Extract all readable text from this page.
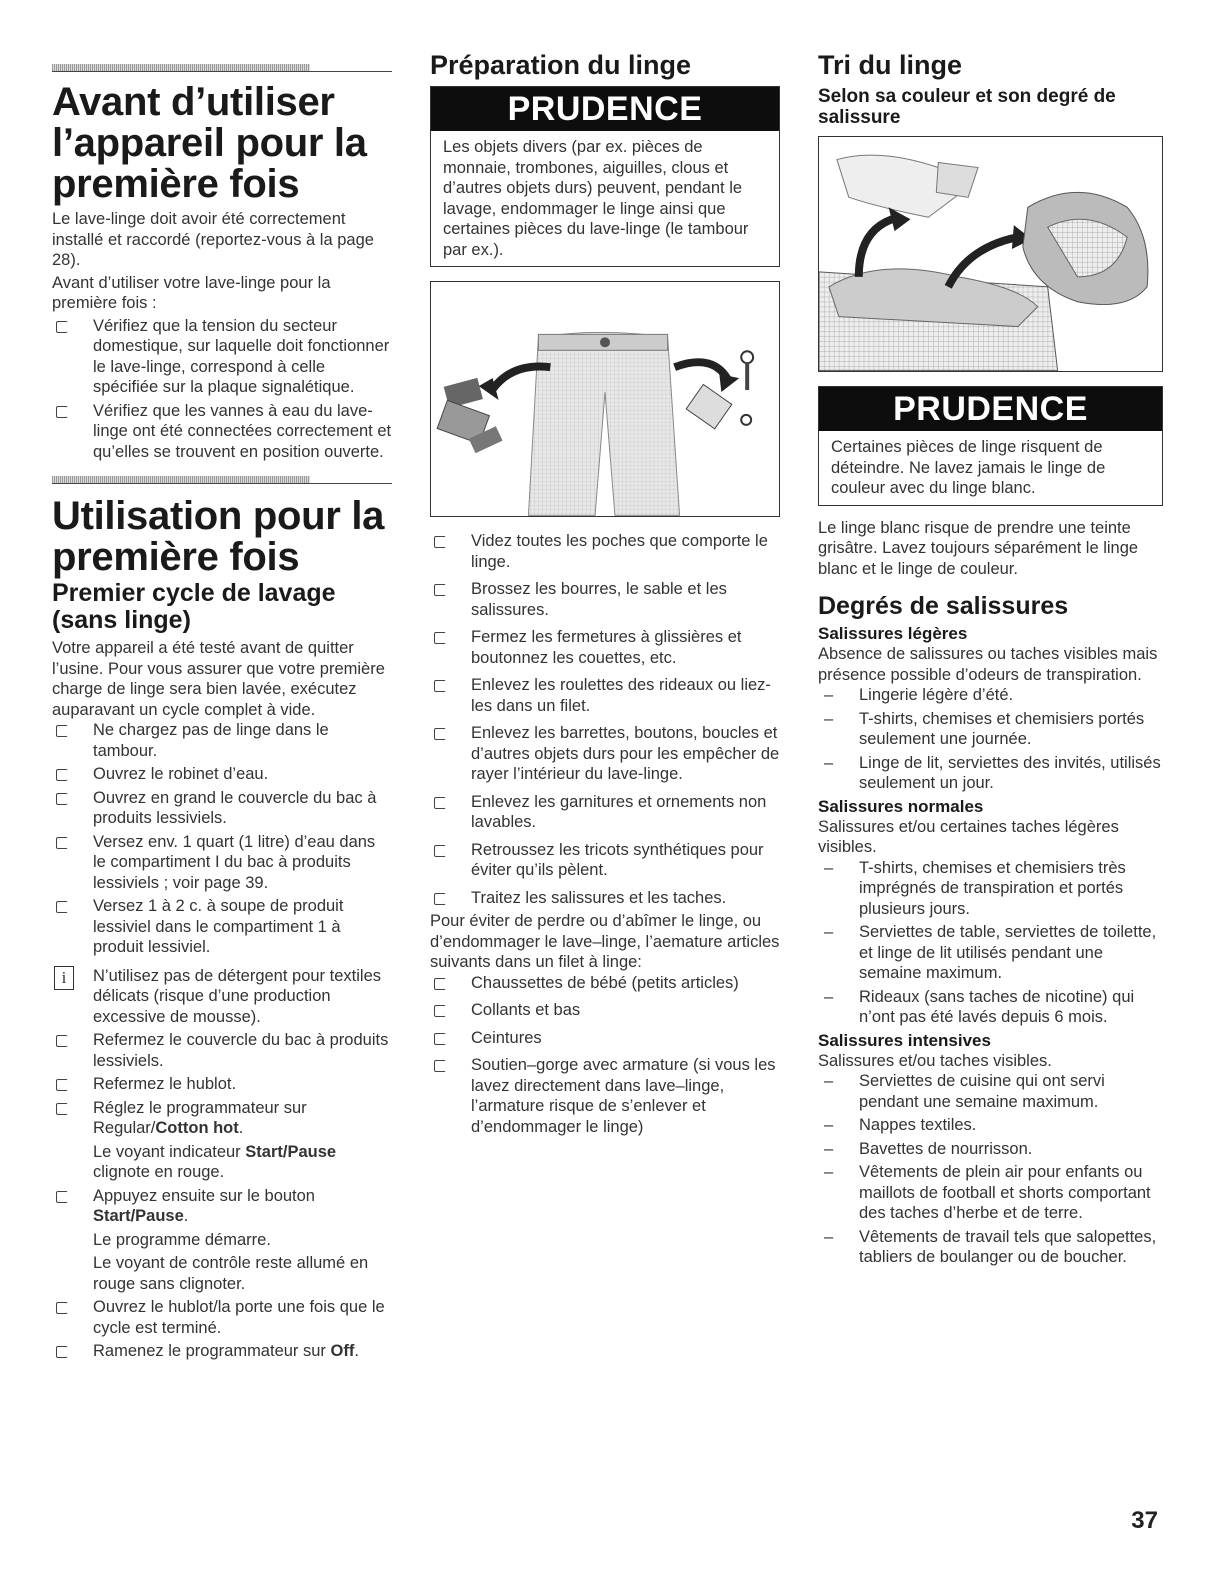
Avant d’utiliser l’appareil pour la première fois

Le lave-linge doit avoir été correctement installé et raccordé (reportez-vous à la page 28).

Avant d’utiliser votre lave-linge pour la première fois :

Vérifiez que la tension du secteur domestique, sur laquelle doit fonctionner le lave-linge, correspond à celle spécifiée sur la plaque signalétique.
Vérifiez que les vannes à eau du lave-linge ont été connectées correctement et qu’elles se trouvent en position ouverte.
Utilisation pour la première fois
Premier cycle de lavage (sans linge)

Votre appareil a été testé avant de quitter l’usine. Pour vous assurer que votre première charge de linge sera bien lavée, exécutez auparavant un cycle complet à vide.

Ne chargez pas de linge dans le tambour.
Ouvrez le robinet d’eau.
Ouvrez en grand le couvercle du bac à produits lessiviels.
Versez env. 1 quart (1 litre) d’eau dans le compartiment I du bac à produits lessiviels ; voir page 39.
Versez 1 à 2 c. à soupe de produit lessiviel dans le compartiment 1 à produit lessiviel.
i	N’utilisez pas de détergent pour textiles délicats (risque d’une production excessive de mousse).
Refermez le couvercle du bac à produits lessiviels.
Refermez le hublot.
Réglez le programmateur sur Regular/Cotton hot.
Le voyant indicateur Start/Pause clignote en rouge.
Appuyez ensuite sur le bouton Start/Pause.
Le programme démarre.
Le voyant de contrôle reste allumé en rouge sans clignoter.
Ouvrez le hublot/la porte une fois que le cycle est terminé.
Ramenez le programmateur sur Off.
Préparation du linge
PRUDENCE
Les objets divers (par ex. pièces de monnaie, trombones, aiguilles, clous et d’autres objets durs) peuvent, pendant le lavage, endommager le linge ainsi que certaines pièces du lave-linge (le tambour par ex.).
Videz toutes les poches que comporte le linge.
Brossez les bourres, le sable et les salissures.
Fermez les fermetures à glissières et boutonnez les couettes, etc.
Enlevez les roulettes des rideaux ou liez-les dans un filet.
Enlevez les barrettes, boutons, boucles et d’autres objets durs pour les empêcher de rayer l’intérieur du lave-linge.
Enlevez les garnitures et ornements non lavables.
Retroussez les tricots synthétiques pour éviter qu’ils pèlent.
Traitez les salissures et les taches.

Pour éviter de perdre ou d’abîmer le linge, ou d’endommager le lave–linge, l’aemature articles suivants dans un filet à linge:

Chaussettes de bébé (petits articles)
Collants et bas
Ceintures
Soutien–gorge avec armature (si vous les lavez directement dans lave–linge, l’armature risque de s’enlever et d’endommager le linge)
Tri du linge
Selon sa couleur et son degré de salissure
PRUDENCE
Certaines pièces de linge risquent de déteindre. Ne lavez jamais le linge de couleur avec du linge blanc.

Le linge blanc risque de prendre une teinte grisâtre. Lavez toujours séparément le linge blanc et le linge de couleur.

Degrés de salissures
Salissures légères

Absence de salissures ou taches visibles mais présence possible d’odeurs de transpiration.

– Lingerie légère d’été.
– T-shirts, chemises et chemisiers portés seulement une journée.
– Linge de lit, serviettes des invités, utilisés seulement un jour.
Salissures normales

Salissures et/ou certaines taches légères visibles.

– T-shirts, chemises et chemisiers très imprégnés de transpiration et portés plusieurs jours.
– Serviettes de table, serviettes de toilette, et linge de lit utilisés pendant une semaine maximum.
– Rideaux (sans taches de nicotine) qui n’ont pas été lavés depuis 6 mois.
Salissures intensives

Salissures et/ou taches visibles.

– Serviettes de cuisine qui ont servi pendant une semaine maximum.
– Nappes textiles.
– Bavettes de nourrisson.
– Vêtements de plein air pour enfants ou maillots de football et shorts comportant des taches d’herbe et de terre.
– Vêtements de travail tels que salopettes, tabliers de boulanger ou de boucher.
37
